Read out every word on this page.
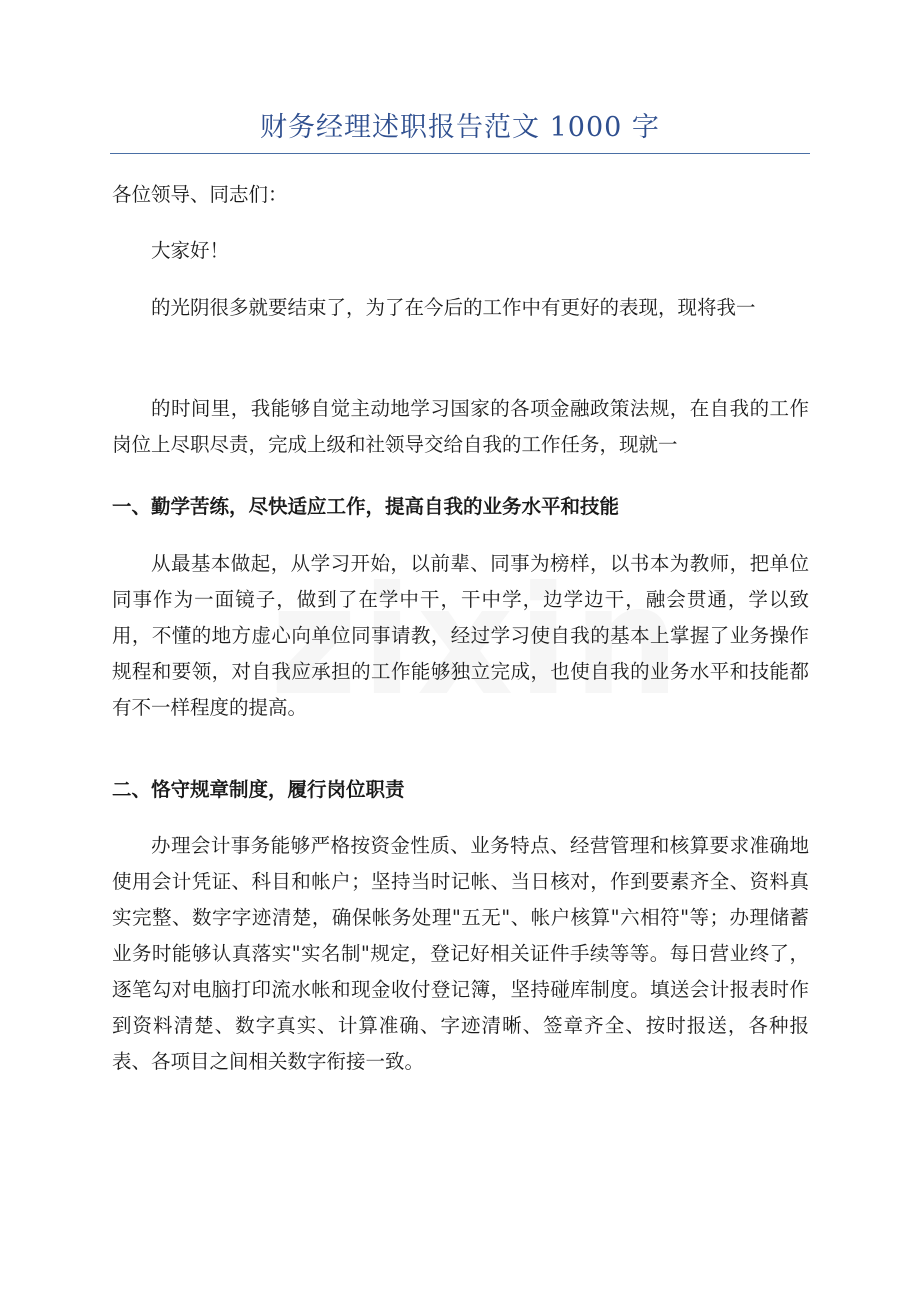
财务经理述职报告范文 1000 字

各位领导、同志们：

大家好！

的光阴很多就要结束了，为了在今后的工作中有更好的表现，现将我一

的时间里，我能够自觉主动地学习国家的各项金融政策法规，在自我的工作岗位上尽职尽责，完成上级和社领导交给自我的工作任务，现就一

一、勤学苦练，尽快适应工作，提高自我的业务水平和技能

从最基本做起，从学习开始，以前辈、同事为榜样，以书本为教师，把单位同事作为一面镜子，做到了在学中干，干中学，边学边干，融会贯通，学以致用，不懂的地方虚心向单位同事请教，经过学习使自我的基本上掌握了业务操作规程和要领，对自我应承担的工作能够独立完成，也使自我的业务水平和技能都有不一样程度的提高。

二、恪守规章制度，履行岗位职责

办理会计事务能够严格按资金性质、业务特点、经营管理和核算要求准确地使用会计凭证、科目和帐户；坚持当时记帐、当日核对，作到要素齐全、资料真实完整、数字字迹清楚，确保帐务处理"五无"、帐户核算"六相符"等；办理储蓄业务时能够认真落实"实名制"规定，登记好相关证件手续等等。每日营业终了，逐笔勾对电脑打印流水帐和现金收付登记簿，坚持碰库制度。填送会计报表时作到资料清楚、数字真实、计算准确、字迹清晰、签章齐全、按时报送，各种报表、各项目之间相关数字衔接一致。
